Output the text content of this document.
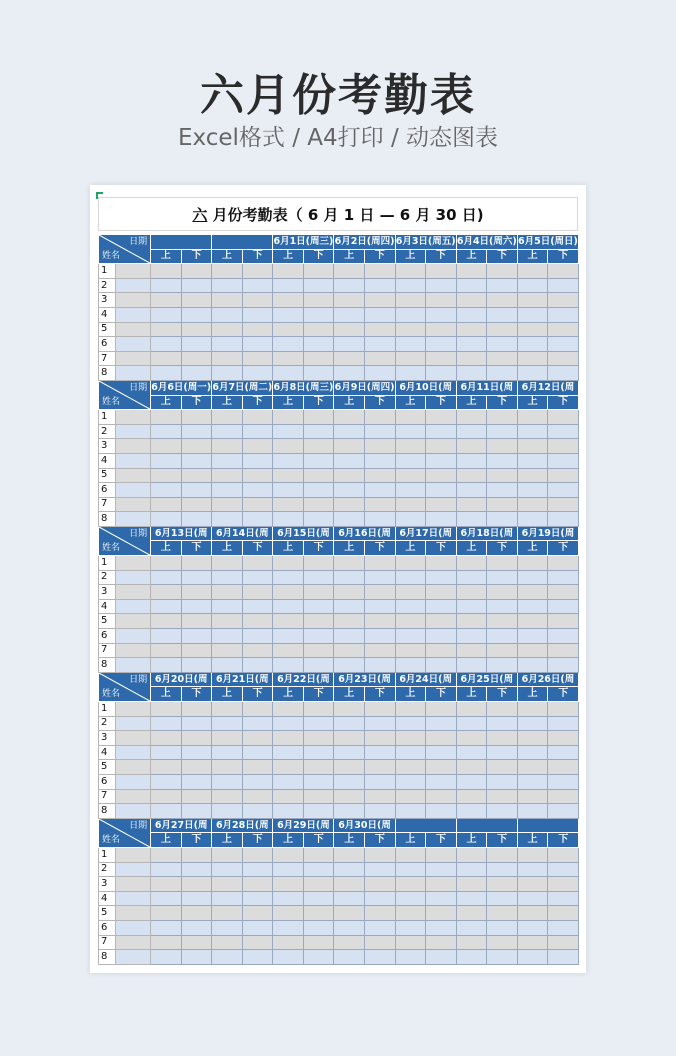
六月份考勤表
Excel格式 / A4打印 / 动态图表
六 月份考勤表（ 6 月 1 日 — 6 月 30 日)
日期
姓名						6月1日(周三)		6月2日(周四)		6月3日(周五)		6月4日(周六)		6月5日(周日)	
		上	下	上	下	上	下	上	下	上	下	上	下	上	下
1															
2															
3															
4															
5															
6															
7															
8															

日期
姓名		6月6日(周一)		6月7日(周二)		6月8日(周三)		6月9日(周四)		6月10日(周		6月11日(周		6月12日(周	
		上	下	上	下	上	下	上	下	上	下	上	下	上	下
1															
2															
3															
4															
5															
6															
7															
8															

日期
姓名		6月13日(周		6月14日(周		6月15日(周		6月16日(周		6月17日(周		6月18日(周		6月19日(周	
		上	下	上	下	上	下	上	下	上	下	上	下	上	下
1															
2															
3															
4															
5															
6															
7															
8															

日期
姓名		6月20日(周		6月21日(周		6月22日(周		6月23日(周		6月24日(周		6月25日(周		6月26日(周	
		上	下	上	下	上	下	上	下	上	下	上	下	上	下
1															
2															
3															
4															
5															
6															
7															
8															

日期
姓名		6月27日(周		6月28日(周		6月29日(周		6月30日(周							
		上	下	上	下	上	下	上	下	上	下	上	下	上	下
1															
2															
3															
4															
5															
6															
7															
8															
